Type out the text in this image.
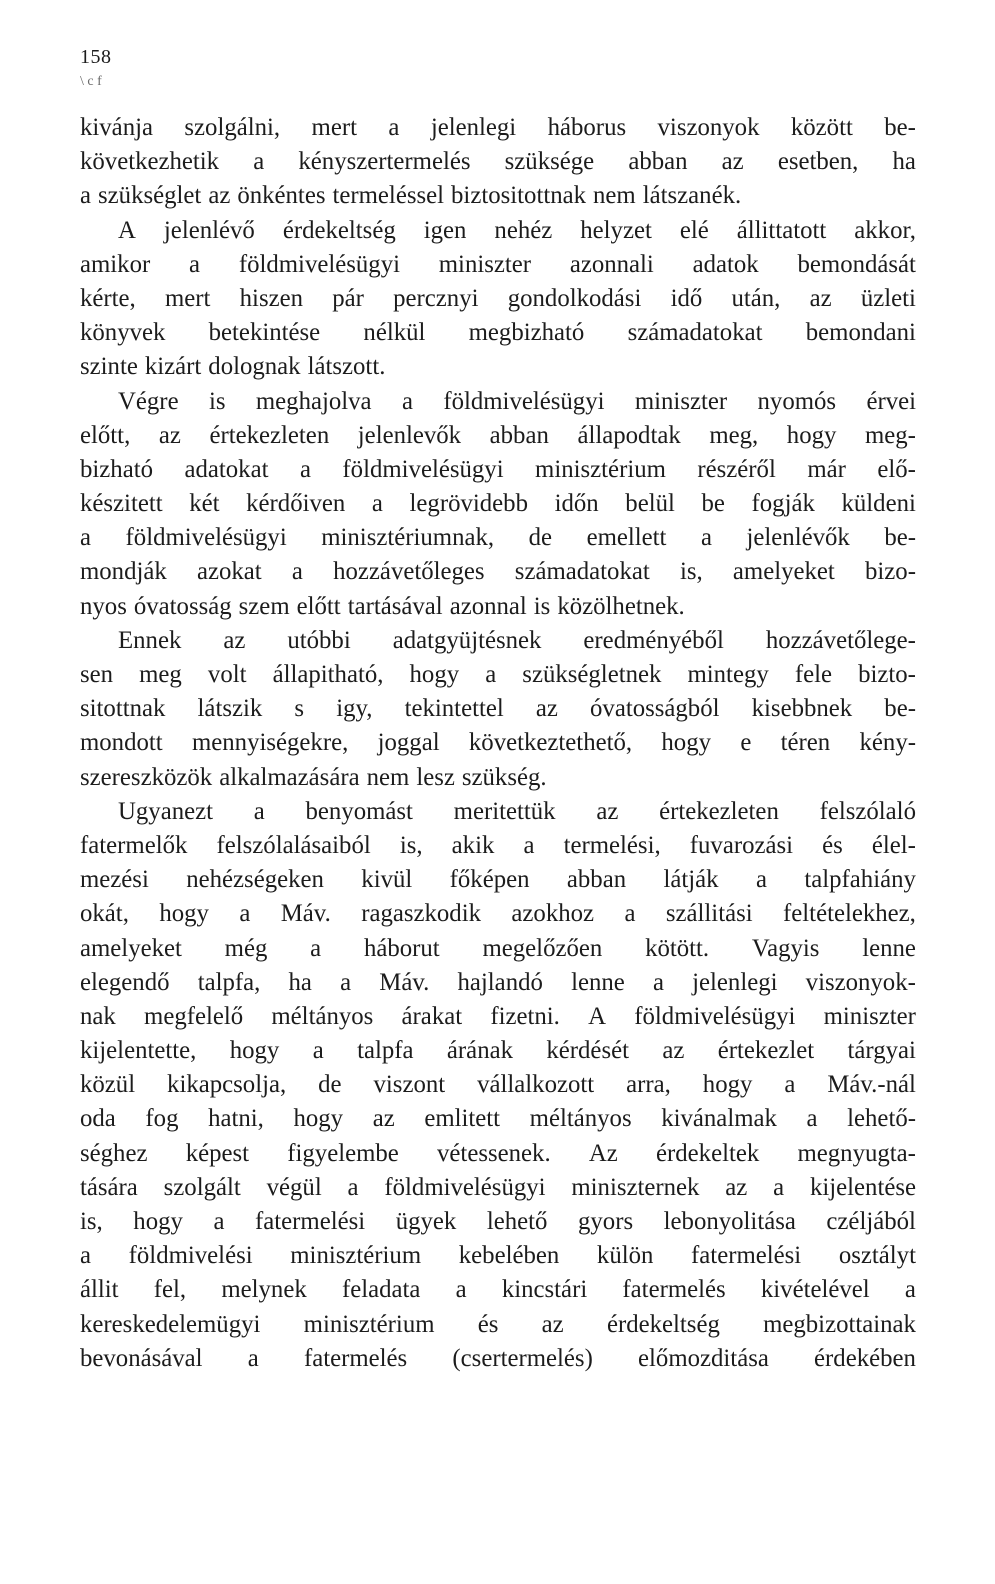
158
\ c f
kivánja szolgálni, mert a jelenlegi háborus viszonyok között be-
következhetik a kényszertermelés szüksége abban az esetben, ha
a szükséglet az önkéntes termeléssel biztositottnak nem látszanék.
A jelenlévő érdekeltség igen nehéz helyzet elé állittatott akkor,
amikor a földmivelésügyi miniszter azonnali adatok bemondását
kérte, mert hiszen pár percznyi gondolkodási idő után, az üzleti
könyvek betekintése nélkül megbizható számadatokat bemondani
szinte kizárt dolognak látszott.
Végre is meghajolva a földmivelésügyi miniszter nyomós érvei
előtt, az értekezleten jelenlevők abban állapodtak meg, hogy meg-
bizható adatokat a földmivelésügyi minisztérium részéről már elő-
készitett két kérdőiven a legrövidebb időn belül be fogják küldeni
a földmivelésügyi minisztériumnak, de emellett a jelenlévők be-
mondják azokat a hozzávetőleges számadatokat is, amelyeket bizo-
nyos óvatosság szem előtt tartásával azonnal is közölhetnek.
Ennek az utóbbi adatgyüjtésnek eredményéből hozzávetőlege-
sen meg volt állapitható, hogy a szükségletnek mintegy fele bizto-
sitottnak látszik s igy, tekintettel az óvatosságból kisebbnek be-
mondott mennyiségekre, joggal következtethető, hogy e téren kény-
szereszközök alkalmazására nem lesz szükség.
Ugyanezt a benyomást meritettük az értekezleten felszólaló
fatermelők felszólalásaiból is, akik a termelési, fuvarozási és élel-
mezési nehézségeken kivül főképen abban látják a talpfahiány
okát, hogy a Máv. ragaszkodik azokhoz a szállitási feltételekhez,
amelyeket még a háborut megelőzően kötött. Vagyis lenne
elegendő talpfa, ha a Máv. hajlandó lenne a jelenlegi viszonyok-
nak megfelelő méltányos árakat fizetni. A földmivelésügyi miniszter
kijelentette, hogy a talpfa árának kérdését az értekezlet tárgyai
közül kikapcsolja, de viszont vállalkozott arra, hogy a Máv.-nál
oda fog hatni, hogy az emlitett méltányos kivánalmak a lehető-
séghez képest figyelembe vétessenek. Az érdekeltek megnyugta-
tására szolgált végül a földmivelésügyi miniszternek az a kijelentése
is, hogy a fatermelési ügyek lehető gyors lebonyolitása czéljából
a földmivelési minisztérium kebelében külön fatermelési osztályt
állit fel, melynek feladata a kincstári fatermelés kivételével a
kereskedelemügyi minisztérium és az érdekeltség megbizottainak
bevonásával a fatermelés (csertermelés) előmozditása érdekében
